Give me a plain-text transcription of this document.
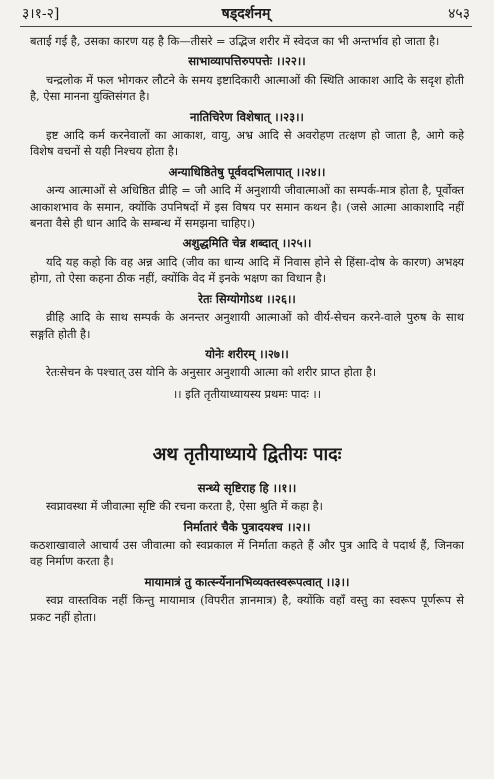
३।१-२]	षड्दर्शनम्	४५३
बताई गई है, उसका कारण यह है कि—तीसरे = उद्भिज शरीर में स्वेदज का भी अन्तर्भाव हो जाता है।
साभाव्यापत्तिरुपपत्तेः ।।२२।।
चन्द्रलोक में फल भोगकर लौटने के समय इष्टादिकारी आत्माओं की स्थिति आकाश आदि के सदृश होती है, ऐसा मानना युक्तिसंगत है।
नातिचिरेण विशेषात् ।।२३।।
इष्ट आदि कर्म करनेवालों का आकाश, वायु, अभ्र आदि से अवरोहण तत्क्षण हो जाता है, आगे कहे विशेष वचनों से यही निश्चय होता है।
अन्याधिष्ठितेषु पूर्ववदभिलापात् ।।२४।।
अन्य आत्माओं से अधिष्ठित व्रीहि = जौ आदि में अनुशायी जीवात्माओं का सम्पर्क-मात्र होता है, पूर्वोक्त आकाशभाव के समान, क्योंकि उपनिषदों में इस विषय पर समान कथन है। (जसे आत्मा आकाशादि नहीं बनता वैसे ही धान आदि के सम्बन्ध में समझना चाहिए।)
अशुद्धमिति चेन्न शब्दात् ।।२५।।
यदि यह कहो कि वह अन्न आदि (जीव का धान्य आदि में निवास होने से हिंसा-दोष के कारण) अभक्ष्य होगा, तो ऐसा कहना ठीक नहीं, क्योंकि वेद में इनके भक्षण का विधान है।
रेतः सिग्योगोऽथ ।।२६।।
व्रीहि आदि के साथ सम्पर्क के अनन्तर अनुशायी आत्माओं को वीर्य-सेचन करने-वाले पुरुष के साथ सङ्गति होती है।
योनेः शरीरम् ।।२७।।
रेतःसेचन के पश्चात् उस योनि के अनुसार अनुशायी आत्मा को शरीर प्राप्त होता है।
।। इति तृतीयाध्यायस्य प्रथमः पादः ।।
अथ तृतीयाध्याये द्वितीयः पादः
सन्ध्ये सृष्टिराह हि ।।१।।
स्वप्नावस्था में जीवात्मा सृष्टि की रचना करता है, ऐसा श्रुति में कहा है।
निर्मातारं चैके पुत्रादयश्च ।।२।।
कठशाखावाले आचार्य उस जीवात्मा को स्वप्नकाल में निर्माता कहते हैं और पुत्र आदि वे पदार्थ हैं, जिनका वह निर्माण करता है।
मायामात्रं तु कार्त्स्न्येनानभिव्यक्तस्वरूपत्वात् ।।३।।
स्वप्न वास्तविक नहीं किन्तु मायामात्र (विपरीत ज्ञानमात्र) है, क्योंकि वहाँ वस्तु का स्वरूप पूर्णरूप से प्रकट नहीं होता।
